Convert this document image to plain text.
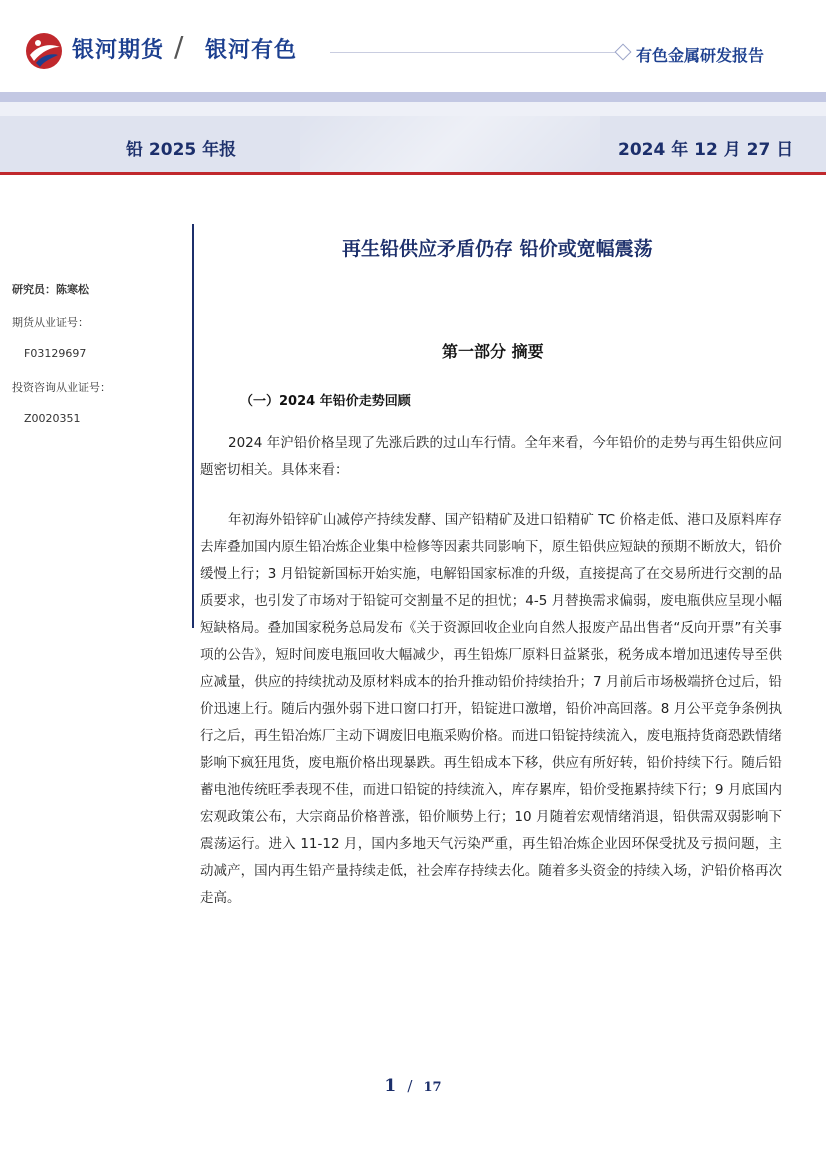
银河期货 / 银河有色	有色金属研发报告
铅 2025 年报	2024 年 12 月 27 日
研究员：陈寒松
期货从业证号：
F03129697
投资咨询从业证号：
Z0020351
再生铅供应矛盾仍存 铅价或宽幅震荡
第一部分 摘要
（一）2024 年铅价走势回顾

2024 年沪铅价格呈现了先涨后跌的过山车行情。全年来看，今年铅价的走势与再生铅供应问题密切相关。具体来看：

年初海外铅锌矿山减停产持续发酵、国产铅精矿及进口铅精矿 TC 价格走低、港口及原料库存去库叠加国内原生铅冶炼企业集中检修等因素共同影响下，原生铅供应短缺的预期不断放大，铅价缓慢上行；3 月铅锭新国标开始实施，电解铅国家标准的升级，直接提高了在交易所进行交割的品质要求，也引发了市场对于铅锭可交割量不足的担忧；4-5 月替换需求偏弱，废电瓶供应呈现小幅短缺格局。叠加国家税务总局发布《关于资源回收企业向自然人报废产品出售者“反向开票”有关事项的公告》，短时间废电瓶回收大幅减少，再生铅炼厂原料日益紧张，税务成本增加迅速传导至供应减量，供应的持续扰动及原材料成本的抬升推动铅价持续抬升；7 月前后市场极端挤仓过后，铅价迅速上行。随后内强外弱下进口窗口打开，铅锭进口激增，铅价冲高回落。8 月公平竞争条例执行之后，再生铅冶炼厂主动下调废旧电瓶采购价格。而进口铅锭持续流入，废电瓶持货商恐跌情绪影响下疯狂甩货，废电瓶价格出现暴跌。再生铅成本下移，供应有所好转，铅价持续下行。随后铅蓄电池传统旺季表现不佳，而进口铅锭的持续流入，库存累库，铅价受拖累持续下行；9 月底国内宏观政策公布，大宗商品价格普涨，铅价顺势上行；10 月随着宏观情绪消退，铅供需双弱影响下震荡运行。进入 11-12 月，国内多地天气污染严重，再生铅冶炼企业因环保受扰及亏损问题，主动减产，国内再生铅产量持续走低，社会库存持续去化。随着多头资金的持续入场，沪铅价格再次走高。

1 / 17
